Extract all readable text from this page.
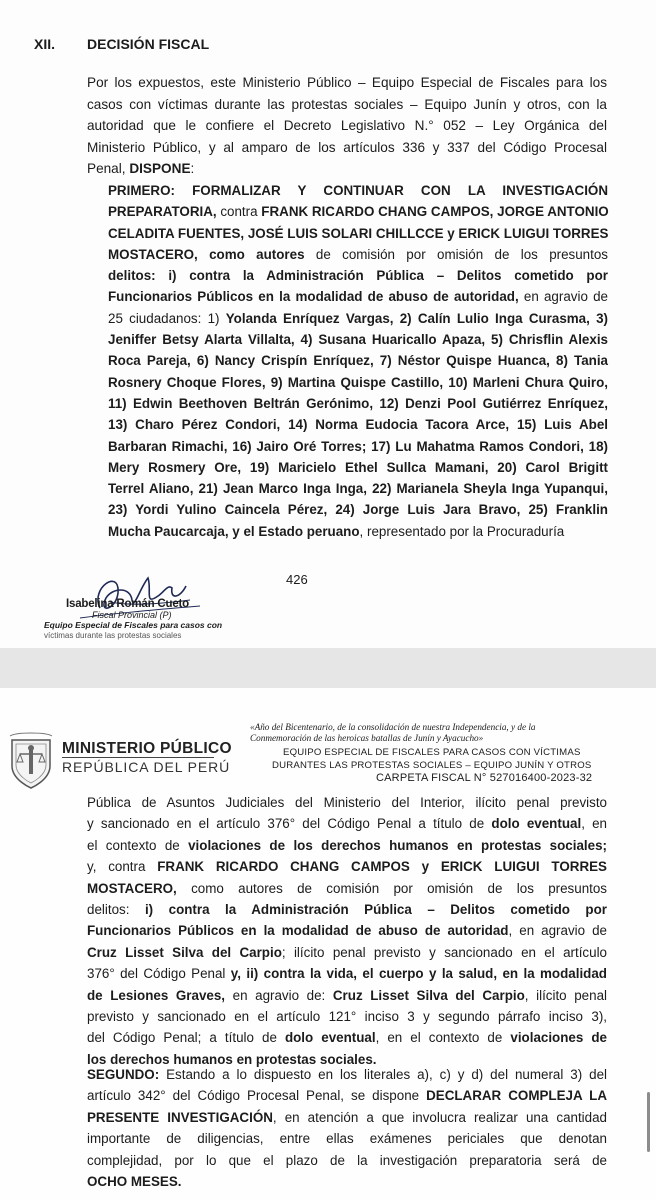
XII. DECISIÓN FISCAL
Por los expuestos, este Ministerio Público – Equipo Especial de Fiscales para los
casos con víctimas durante las protestas sociales – Equipo Junín y otros, con la
autoridad que le confiere el Decreto Legislativo N.° 052 – Ley Orgánica del
Ministerio Público, y al amparo de los artículos 336 y 337 del Código Procesal
Penal, DISPONE:
PRIMERO: FORMALIZAR Y CONTINUAR CON LA INVESTIGACIÓN
PREPARATORIA, contra FRANK RICARDO CHANG CAMPOS, JORGE ANTONIO
CELADITA FUENTES, JOSÉ LUIS SOLARI CHILLCCE y ERICK LUIGUI TORRES
MOSTACERO, como autores de comisión por omisión de los presuntos
delitos: i) contra la Administración Pública – Delitos cometido por
Funcionarios Públicos en la modalidad de abuso de autoridad, en agravio de
25 ciudadanos: 1) Yolanda Enríquez Vargas, 2) Calín Lulio Inga Curasma, 3)
Jeniffer Betsy Alarta Villalta, 4) Susana Huaricallo Apaza, 5) Chrisflin Alexis
Roca Pareja, 6) Nancy Crispín Enríquez, 7) Néstor Quispe Huanca, 8) Tania
Rosnery Choque Flores, 9) Martina Quispe Castillo, 10) Marleni Chura Quiro,
11) Edwin Beethoven Beltrán Gerónimo, 12) Denzi Pool Gutiérrez Enríquez,
13) Charo Pérez Condori, 14) Norma Eudocia Tacora Arce, 15) Luis Abel
Barbaran Rimachi, 16) Jairo Oré Torres; 17) Lu Mahatma Ramos Condori, 18)
Mery Rosmery Ore, 19) Maricielo Ethel Sullca Mamani, 20) Carol Brigitt
Terrel Aliano, 21) Jean Marco Inga Inga, 22) Marianela Sheyla Inga Yupanqui,
23) Yordi Yulino Caincela Pérez, 24) Jorge Luis Jara Bravo, 25) Franklin
Mucha Paucarcaja, y el Estado peruano, representado por la Procuraduría
Isabelina Román Cueto
Fiscal Provincial (P)
Equipo Especial de Fiscales para casos con
víctimas durante las protestas sociales
426
MINISTERIO PÚBLICO
REPÚBLICA DEL PERÚ
«Año del Bicentenario, de la consolidación de nuestra Independencia, y de la
Conmemoración de las heroicas batallas de Junín y Ayacucho»
EQUIPO ESPECIAL DE FISCALES PARA CASOS CON VÍCTIMAS
DURANTES LAS PROTESTAS SOCIALES – EQUIPO JUNÍN Y OTROS
CARPETA FISCAL N° 527016400-2023-32
Pública de Asuntos Judiciales del Ministerio del Interior, ilícito penal previsto
y sancionado en el artículo 376° del Código Penal a título de dolo eventual, en
el contexto de violaciones de los derechos humanos en protestas sociales;
y, contra FRANK RICARDO CHANG CAMPOS y ERICK LUIGUI TORRES
MOSTACERO, como autores de comisión por omisión de los presuntos
delitos: i) contra la Administración Pública – Delitos cometido por
Funcionarios Públicos en la modalidad de abuso de autoridad, en agravio de
Cruz Lisset Silva del Carpio; ilícito penal previsto y sancionado en el artículo
376° del Código Penal y, ii) contra la vida, el cuerpo y la salud, en la modalidad
de Lesiones Graves, en agravio de: Cruz Lisset Silva del Carpio, ilícito penal
previsto y sancionado en el artículo 121° inciso 3 y segundo párrafo inciso 3),
del Código Penal; a título de dolo eventual, en el contexto de violaciones de
los derechos humanos en protestas sociales.
SEGUNDO: Estando a lo dispuesto en los literales a), c) y d) del numeral 3) del
artículo 342° del Código Procesal Penal, se dispone DECLARAR COMPLEJA LA
PRESENTE INVESTIGACIÓN, en atención a que involucra realizar una cantidad
importante de diligencias, entre ellas exámenes periciales que denotan
complejidad, por lo que el plazo de la investigación preparatoria será de
OCHO MESES.
